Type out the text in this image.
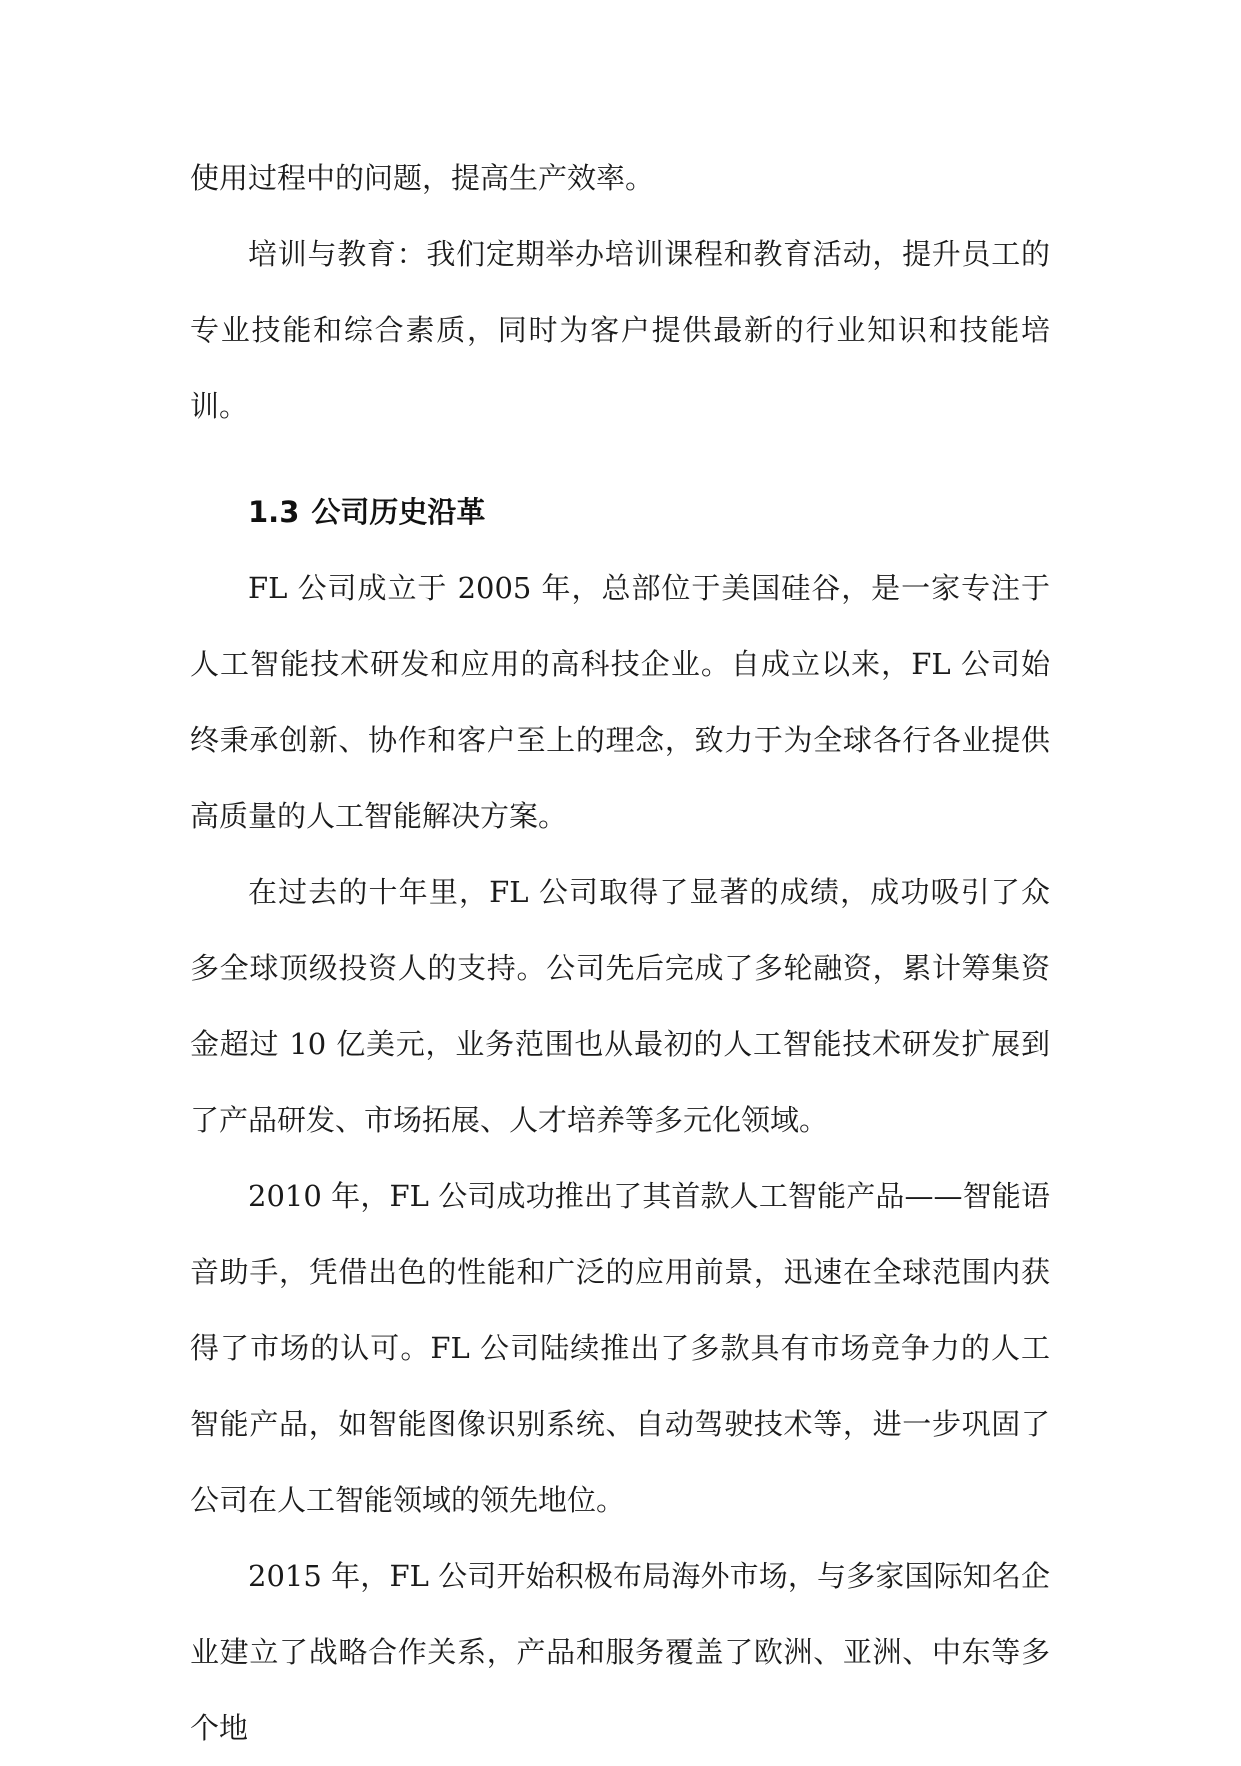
使用过程中的问题，提高生产效率。

培训与教育：我们定期举办培训课程和教育活动，提升员工的专业技能和综合素质，同时为客户提供最新的行业知识和技能培训。

1.3 公司历史沿革

FL 公司成立于 2005 年，总部位于美国硅谷，是一家专注于人工智能技术研发和应用的高科技企业。自成立以来，FL 公司始终秉承创新、协作和客户至上的理念，致力于为全球各行各业提供高质量的人工智能解决方案。

在过去的十年里，FL 公司取得了显著的成绩，成功吸引了众多全球顶级投资人的支持。公司先后完成了多轮融资，累计筹集资金超过 10 亿美元，业务范围也从最初的人工智能技术研发扩展到了产品研发、市场拓展、人才培养等多元化领域。

2010 年，FL 公司成功推出了其首款人工智能产品——智能语音助手，凭借出色的性能和广泛的应用前景，迅速在全球范围内获得了市场的认可。FL 公司陆续推出了多款具有市场竞争力的人工智能产品，如智能图像识别系统、自动驾驶技术等，进一步巩固了公司在人工智能领域的领先地位。

2015 年，FL 公司开始积极布局海外市场，与多家国际知名企业建立了战略合作关系，产品和服务覆盖了欧洲、亚洲、中东等多个地
